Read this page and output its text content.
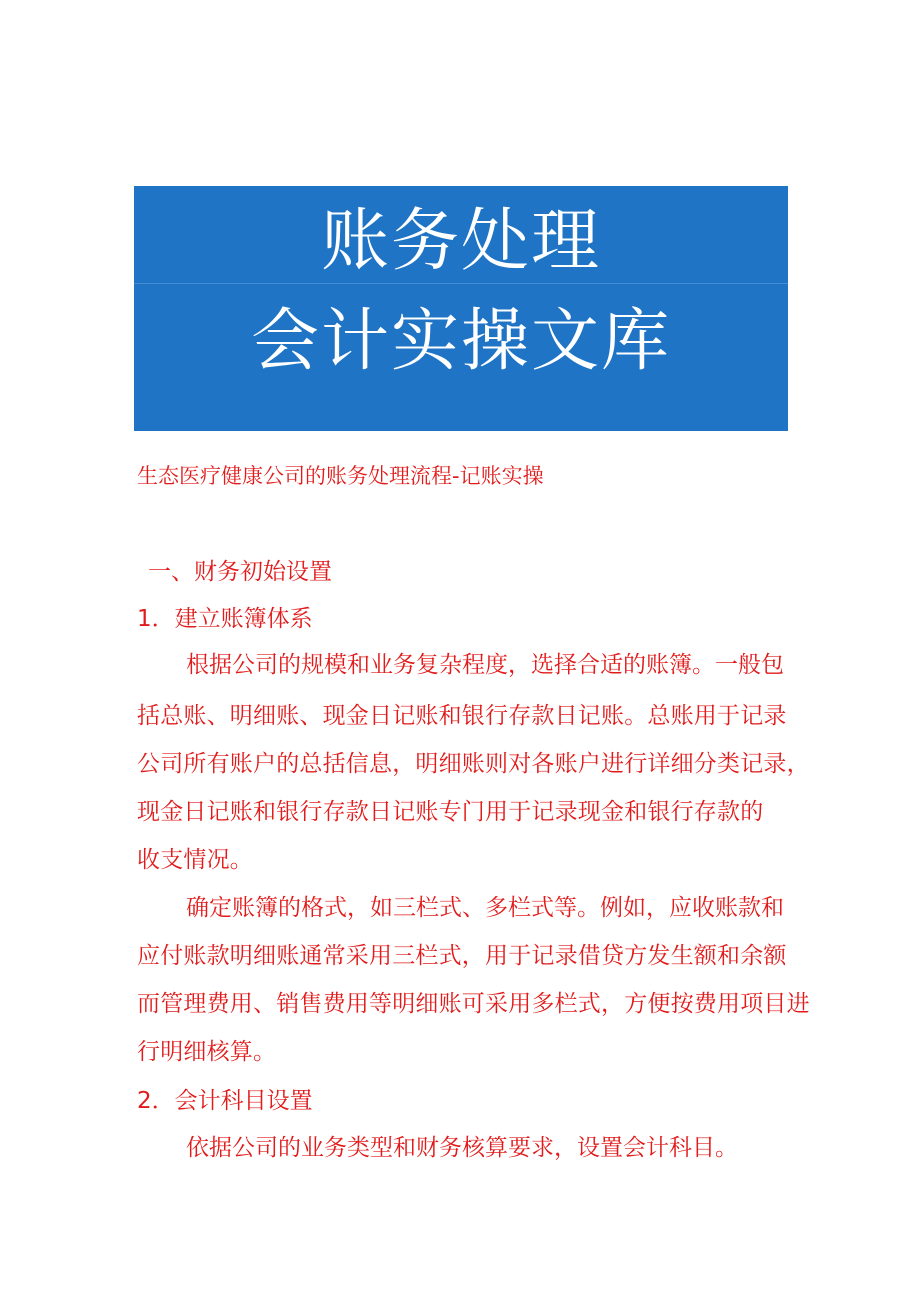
账务处理
会计实操文库
生态医疗健康公司的账务处理流程-记账实操
一、财务初始设置
1．建立账簿体系
根据公司的规模和业务复杂程度，选择合适的账簿。一般包
括总账、明细账、现金日记账和银行存款日记账。总账用于记录
公司所有账户的总括信息，明细账则对各账户进行详细分类记录，
现金日记账和银行存款日记账专门用于记录现金和银行存款的
收支情况。
确定账簿的格式，如三栏式、多栏式等。例如，应收账款和
应付账款明细账通常采用三栏式，用于记录借贷方发生额和余额
而管理费用、销售费用等明细账可采用多栏式，方便按费用项目进
行明细核算。
2．会计科目设置
依据公司的业务类型和财务核算要求，设置会计科目。
